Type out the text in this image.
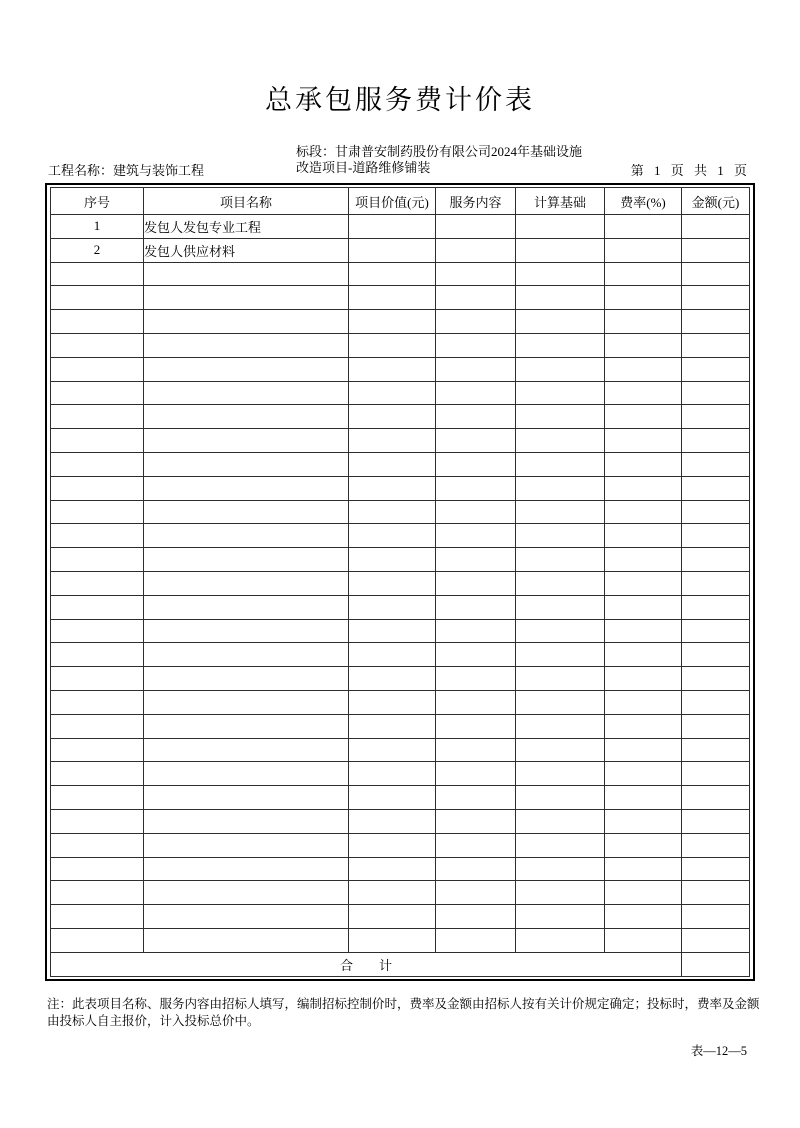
总承包服务费计价表
工程名称：建筑与装饰工程
标段：甘肃普安制药股份有限公司2024年基础设施
改造项目-道路维修铺装	第 1 页 共 1 页
序号	项目名称	项目价值(元)	服务内容	计算基础	费率(%)	金额(元)
1	发包人发包专业工程					
2	发包人供应材料					

合　　计						
注：此表项目名称、服务内容由招标人填写，编制招标控制价时，费率及金额由招标人按有关计价规定确定；投标时，费率及金额由投标人自主报价，计入投标总价中。
表—12—5
